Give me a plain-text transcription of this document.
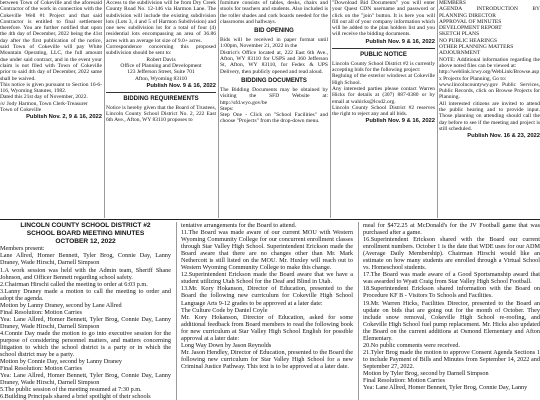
between Town of Cokeville and the aforesaid Contractor of the work in connection with the Cokeville Well #1 Project and that said Contractor is entitled to final settlement therefore. You are further notified that upon the 4th day of December, 2022 being the 41st day after the first publication of the notice, said Town of Cokeville will pay White Mountain Operating, LLC, the full amount due under said contract, and in the event your claim is not filed with Town of Cokeville prior to said 4th day of December, 2022 same shall be waived.

This notice is given pursuant to Section 16-6-116, Wyoming Statutes, 1982.

Dated this 21st day of November, 2022.

/s/ Jody Harmon, Town Clerk-Treasurer

Town of Cokeville

Publish Nov. 2, 9 & 16, 2022

Access to the subdivision will be from Dry Creek County Road No. 12-146 via Harmon Lane. The subdivision will include the existing subdivision lots (Lots 3, 4 and 5 of Harmon Subdivision) and one new subdivision lot for a total of four (4) residential lots encompassing an area of 36.86 acres with an average lot size of 9.0+ acres.

Correspondence concerning this proposed subdivision should be sent to:

Robert Davis

Office of Planning and Development

123 Jefferson Street, Suite 701

Afton, Wyoming 83110

Publish Nov. 9 & 16, 2022

BIDDING REQUIREMENTS

Notice is hereby given that the Board of Trustees, Lincoln County School District No. 2, 222 East 6th Ave., Afton, WY 83110 proposes to

furniture consists of tables, desks, chairs and stools for teachers and students. Also included is the roller shades and cork boards needed for the classrooms and hallways.

BID OPENING

Bids will be received in paper format until 1:00pm, November 21, 2022 in the

District's Office located at, 222 East 6th Ave., Afton, WY 83110 for USPS and 360 Jefferson St, Afton, WY 83110, for Fedex & UPS Delivery, then publicly opened and read aloud.

BIDDING DOCUMENTS

The Bidding Documents may be obtained by visiting the SFD Website at: http://sfd.wyo.gov/be

Steps:

Step One - Click on "School Facilities" and choose "Projects" from the drop-down menu.

"Download Bid Documents" you will enter your Quest CDN username and password or click on the "join" button. It is here you will fill out all of your company information which will be added to the plan holders list and you will receive the bidding documents.

Publish Nov. 9 & 16, 2022

PUBLIC NOTICE

Lincoln County School District #2 is currently accepting bids for the following project:

Regluing of the exterior windows at Cokeville High School.

Any interested parties please contact Warren Hicks for details at (307) 887-0380 or by email at wahicks@lcsd2.org.

Lincoln County School District #2 reserves the right to reject any and all bids.

Publish Nov. 9 & 16, 2022

MEMBERS

AGENDA INTRODUCTION BY PLANNING DIRECTOR

APPROVAL OF MINUTES

DEVELOPMENT REPORT

SKETCH PLANS

NO PUBLIC HEARINGS

OTHER PLANNING MATTERS

ADJOURNMENT

NOTE: Additional information regarding the above noted files can be viewed at:

http://weblink.lcwy.org/WebLink/Browse.aspx Projects for Planning, Go to:

www.lincolncountywy.gov Public Services, Public Records, click on Browse Projects for Planning.

All interested citizens are invited to attend the public hearing and to provide input. Those planning on attending should call the day before to see if the meeting and project is still scheduled.

Publish Nov. 16 & 23, 2022

LINCOLN COUNTY SCHOOL DISTRICT #2

SCHOOL BOARD MEETING MINUTES

OCTOBER 12, 2022

Members present:

Lane Allred, Homer Bennett, Tyler Brog, Connie Day, Lanny Draney, Wade Hirschi, Darnell Simpson

1.A work session was held with the Admin team, Sheriff Shane Johnson, and Officer Bennett regarding school safety.

2.Chairman Hirschi called the meeting to order at 6:03 p.m.

3.Lanny Draney made a motion to call the meeting to order and adopt the agenda.

Motion by Lanny Draney, second by Lane Allred

Final Resolution: Motion Carries

Yea: Lane Allred, Homer Bennett, Tyler Brog, Connie Day, Lanny Draney, Wade Hirschi, Darnell Simpson

4.Connie Day made the motion to go into executive session for the purpose of considering personnel matters, and matters concerning litigation to which the school district is a party or in which the school district may be a party.

Motion by Connie Day, second by Lanny Draney

Final Resolution: Motion Carries

Yea: Lane Allred, Homer Bennett, Tyler Brog, Connie Day, Lanny Draney, Wade Hirschi, Darnell Simpson

5.The public session of the meeting resumed at 7:30 p.m.

6.Building Principals shared a brief spotlight of their schools

tentative arrangements for the Board to attend.

11.The Board was made aware of our current MOU with Western Wyoming Community College for our concurrent enrollment classes through Star Valley High School. Superintendent Erickson made the Board aware that there are no changes other than Mr. Mark Nethercott is still listed on the MOU. Mr. Huxley will reach out to Western Wyoming Community College to make this change.

12.Superintendent Erickson made the Board aware that we have a student utilizing Utah School for the Deaf and Blind in Utah.

13.Mr. Kory Hokanson, Director of Education, presented to the Board the following new curriculum for Cokeville High School Language Arts 9-12 grades to be approved at a later date:

The Culture Code by Daniel Coyle

Mr. Kory Hokanson, Director of Education, asked for some additional feedback from Board members to read the following book for new curriculum at Star Valley High School English for possible approval at a later date:

Long Way Down by Jason Reynolds

Mr. Jason Hendley, Director of Education, presented to the Board the following new curriculum for Star Valley High School for a new Criminal Justice Pathway. This text is to be approved at a later date.

meal for $472.25 at McDonald's for the JV Football game that was purchased after a game.

16.Superintendent Erickson shared with the Board our current enrollment numbers. October 1 is the date that WDE uses for our ADM (Average Daily Membership). Chairman Hirschi would like an estimate on how many students are enrolled through a Virtual School vs. Homeschool students.

17.The Board was made aware of a Good Sportsmanship award that was awarded to Wyatt Craig from Star Valley High School Football.

18.Superintendent Erickson shared information with the Board on Procedure KF B - Visitors To Schools and Facilities.

19.Mr. Warren Hicks, Facilities Director, presented to the Board an update on bids that are going out for the month of October. They include snow removal, Cokeville High School re-roofing, and Cokeville High School fuel pump replacement. Mr. Hicks also updated the Board on the current additions at Osmond Elementary and Afton Elementary.

20.No public comments were received.

21.Tyler Brog made the motion to approve Consent Agenda Sections 1 to include Payment of Bills and Minutes from September 14, 2022 and September 27, 2022.

Motion by Tyler Brog, second by Darnell Simpson

Final Resolution: Motion Carries

Yea: Lane Allred, Homer Bennett, Tyler Brog, Connie Day, Lanny
